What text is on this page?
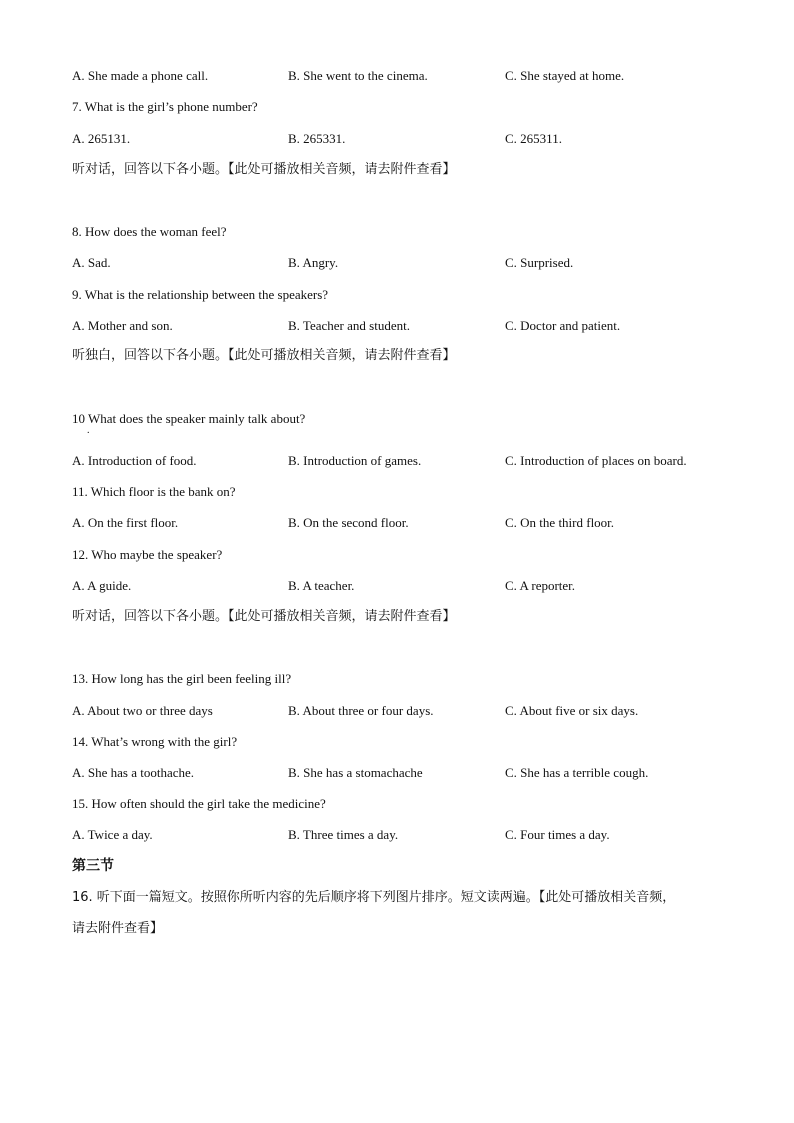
A. She made a phone call.	B. She went to the cinema.	C. She stayed at home.
7. What is the girl’s phone number?
A. 265131.	B. 265331.	C. 265311.
听对话，回答以下各小题。【此处可播放相关音频，请去附件查看】
8. How does the woman feel?
A. Sad.	B. Angry.	C. Surprised.
9. What is the relationship between the speakers?
A. Mother and son.	B. Teacher and student.	C. Doctor and patient.
听独白，回答以下各小题。【此处可播放相关音频，请去附件查看】
10 What does the speaker mainly talk about?
.
A. Introduction of food.	B. Introduction of games.	C. Introduction of places on board.
11. Which floor is the bank on?
A. On the first floor.	B. On the second floor.	C. On the third floor.
12. Who maybe the speaker?
A. A guide.	B. A teacher.	C. A reporter.
听对话，回答以下各小题。【此处可播放相关音频，请去附件查看】
13. How long has the girl been feeling ill?
A. About two or three days	B. About three or four days.	C. About five or six days.
14. What’s wrong with the girl?
A. She has a toothache.	B. She has a stomachache	C. She has a terrible cough.
15. How often should the girl take the medicine?
A. Twice a day.	B. Three times a day.	C. Four times a day.
第三节
16. 听下面一篇短文。按照你所听内容的先后顺序将下列图片排序。短文读两遍。【此处可播放相关音频，
请去附件查看】
